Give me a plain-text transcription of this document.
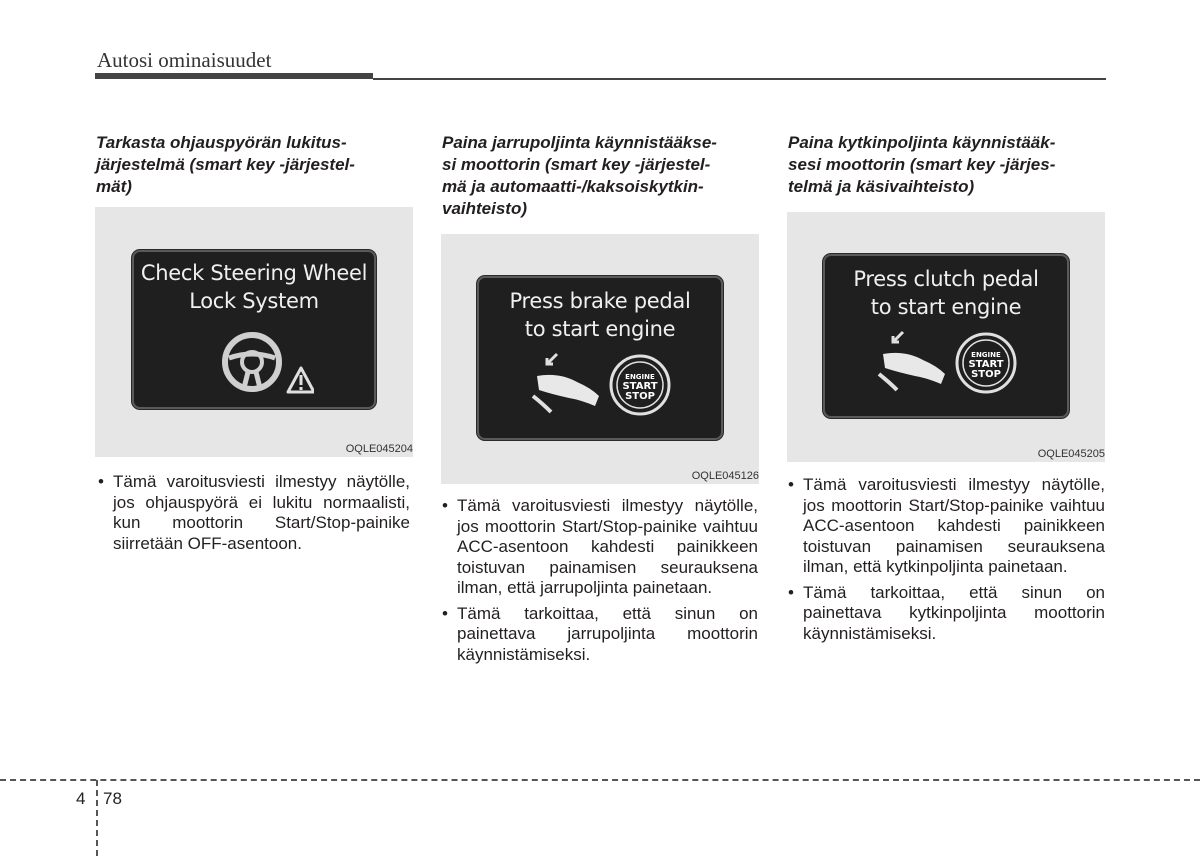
Autosi ominaisuudet
Tarkasta ohjauspyörän lukitus-
järjestelmä (smart key -järjestel-
mät)
Check Steering Wheel
Lock System
OQLE045204
• Tämä varoitusviesti ilmestyy näytölle, jos ohjauspyörä ei lukitu normaalisti, kun moottorin Start/Stop-painike siirretään OFF-asentoon.
Paina jarrupoljinta käynnistääkse-
si moottorin (smart key -järjestel-
mä ja automaatti-/kaksoiskytkin-
vaihteisto)
Press brake pedal
to start engine
ENGINE
START
STOP
OQLE045126
• Tämä varoitusviesti ilmestyy näytölle, jos moottorin Start/Stop-painike vaihtuu ACC-asentoon kahdesti painikkeen toistuvan painamisen seurauksena ilman, että jarrupoljinta painetaan.
• Tämä tarkoittaa, että sinun on painettava jarrupoljinta moottorin käynnistämiseksi.
Paina kytkinpoljinta käynnistääk-
sesi moottorin (smart key -järjes-
telmä ja käsivaihteisto)
Press clutch pedal
to start engine
ENGINE
START
STOP
OQLE045205
• Tämä varoitusviesti ilmestyy näytölle, jos moottorin Start/Stop-painike vaihtuu ACC-asentoon kahdesti painikkeen toistuvan painamisen seurauksena ilman, että kytkinpoljinta painetaan.
• Tämä tarkoittaa, että sinun on painettava kytkinpoljinta moottorin käynnistämiseksi.
4 78
